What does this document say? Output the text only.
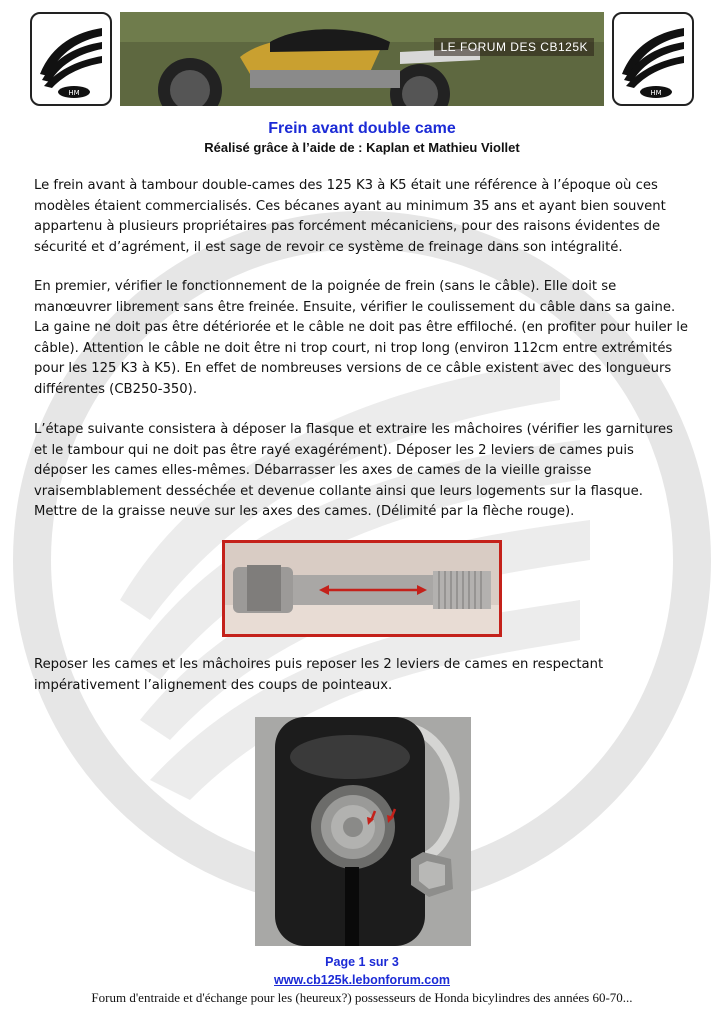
HM
LE FORUM DES CB125K
HM
Frein avant double came
Réalisé grâce à l’aide de : Kaplan et Mathieu Viollet

Le frein avant à tambour double-cames des 125 K3 à K5 était une référence à l’époque où ces modèles étaient commercialisés. Ces bécanes ayant au minimum 35 ans et ayant bien souvent appartenu à plusieurs propriétaires pas forcément mécaniciens, pour des raisons évidentes de sécurité et d’agrément, il est sage de revoir ce système de freinage dans son intégralité.

En premier, vérifier le fonctionnement de la poignée de frein (sans le câble). Elle doit se manœuvrer librement sans être freinée. Ensuite, vérifier le coulissement du câble dans sa gaine. La gaine ne doit pas être détériorée et le câble ne doit pas être effiloché. (en profiter pour huiler le câble). Attention le câble ne doit être ni trop court, ni trop long (environ 112cm entre extrémités pour les 125 K3 à K5). En effet de nombreuses versions de ce câble existent avec des longueurs différentes (CB250-350).

L’étape suivante consistera à déposer la flasque et extraire les mâchoires (vérifier les garnitures et le tambour qui ne doit pas être rayé exagérément). Déposer les 2 leviers de cames puis déposer les cames elles-mêmes. Débarrasser les axes de cames de la vieille graisse vraisemblablement desséchée et devenue collante ainsi que leurs logements sur la flasque. Mettre de la graisse neuve sur les axes des cames. (Délimité par la flèche rouge).

Reposer les cames et les mâchoires puis reposer les 2 leviers de cames en respectant impérativement l’alignement des coups de pointeaux.

Page 1 sur 3
www.cb125k.lebonforum.com
Forum d'entraide et d'échange pour les (heureux?) possesseurs de Honda bicylindres des années 60-70...
